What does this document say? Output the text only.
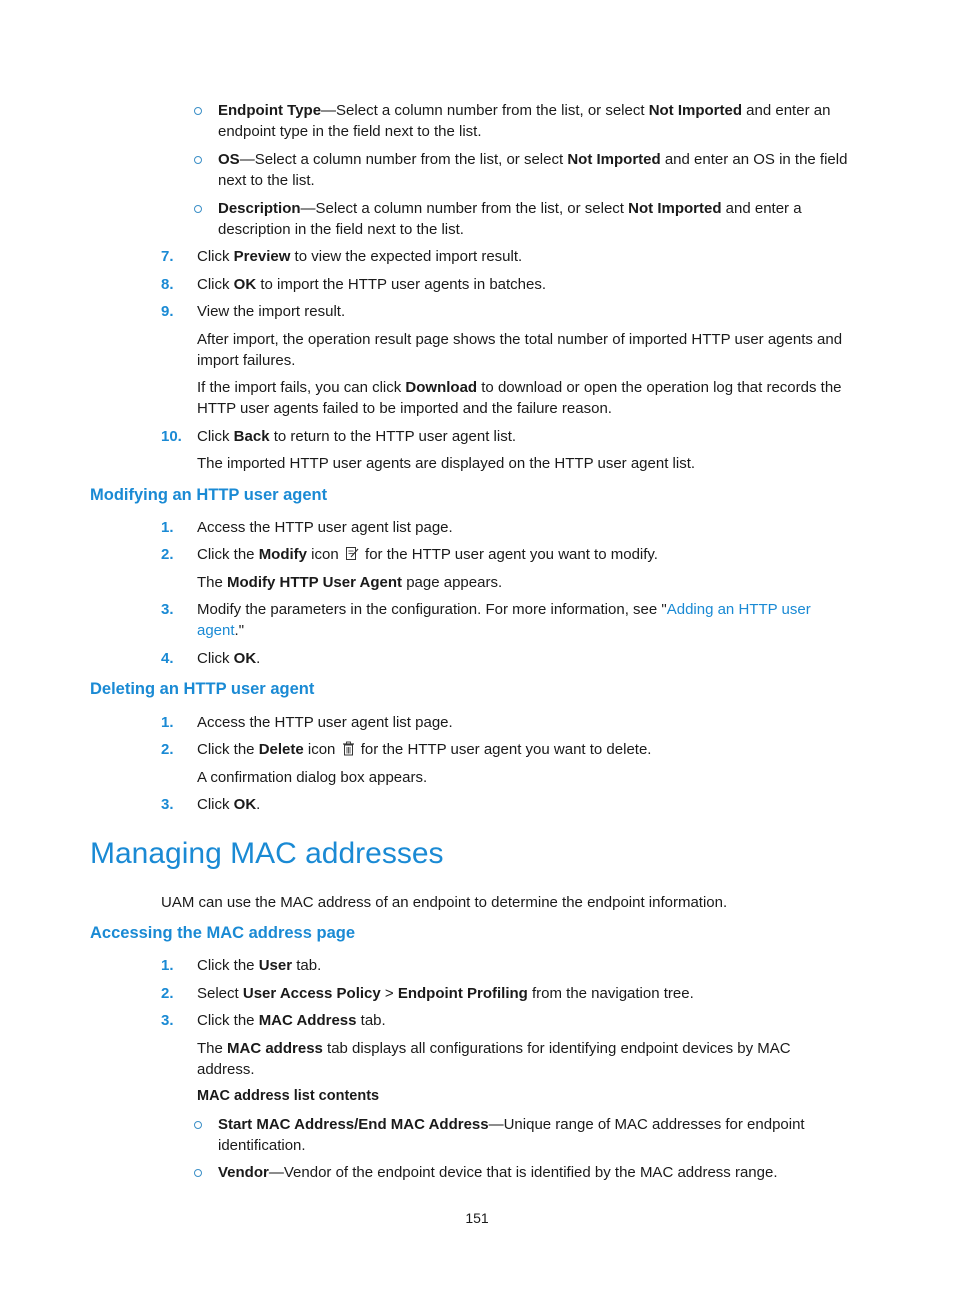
Endpoint Type—Select a column number from the list, or select Not Imported and enter an endpoint type in the field next to the list.
OS—Select a column number from the list, or select Not Imported and enter an OS in the field next to the list.
Description—Select a column number from the list, or select Not Imported and enter a description in the field next to the list.
7. Click Preview to view the expected import result.
8. Click OK to import the HTTP user agents in batches.
9. View the import result.
After import, the operation result page shows the total number of imported HTTP user agents and import failures.
If the import fails, you can click Download to download or open the operation log that records the HTTP user agents failed to be imported and the failure reason.
10. Click Back to return to the HTTP user agent list.
The imported HTTP user agents are displayed on the HTTP user agent list.
Modifying an HTTP user agent
1. Access the HTTP user agent list page.
2. Click the Modify icon  for the HTTP user agent you want to modify.
The Modify HTTP User Agent page appears.
3. Modify the parameters in the configuration. For more information, see "Adding an HTTP user agent."
4. Click OK.
Deleting an HTTP user agent
1. Access the HTTP user agent list page.
2. Click the Delete icon  for the HTTP user agent you want to delete.
A confirmation dialog box appears.
3. Click OK.
Managing MAC addresses
UAM can use the MAC address of an endpoint to determine the endpoint information.
Accessing the MAC address page
1. Click the User tab.
2. Select User Access Policy > Endpoint Profiling from the navigation tree.
3. Click the MAC Address tab.
The MAC address tab displays all configurations for identifying endpoint devices by MAC address.
MAC address list contents
Start MAC Address/End MAC Address—Unique range of MAC addresses for endpoint identification.
Vendor—Vendor of the endpoint device that is identified by the MAC address range.
151
